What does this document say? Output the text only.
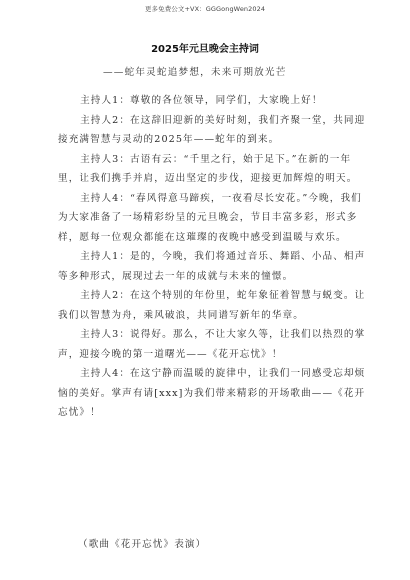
更多免费公文+VX：GGGongWen2024
2025年元旦晚会主持词
——蛇年灵蛇追梦想，未来可期放光芒

主持人1：尊敬的各位领导，同学们，大家晚上好！

主持人2：在这辞旧迎新的美好时刻，我们齐聚一堂，共同迎接充满智慧与灵动的2025年——蛇年的到来。

主持人3：古语有云：“千里之行，始于足下。”在新的一年里，让我们携手并肩，迈出坚定的步伐，迎接更加辉煌的明天。

主持人4：“春风得意马蹄疾，一夜看尽长安花。”今晚，我们为大家准备了一场精彩纷呈的元旦晚会，节目丰富多彩，形式多样，愿每一位观众都能在这璀璨的夜晚中感受到温暖与欢乐。

主持人1：是的，今晚，我们将通过音乐、舞蹈、小品、相声等多种形式，展现过去一年的成就与未来的憧憬。

主持人2：在这个特别的年份里，蛇年象征着智慧与蜕变。让我们以智慧为舟，乘风破浪，共同谱写新年的华章。

主持人3：说得好。那么，不让大家久等，让我们以热烈的掌声，迎接今晚的第一道曙光——《花开忘忧》！

主持人4：在这宁静而温暖的旋律中，让我们一同感受忘却烦恼的美好。掌声有请[xxx]为我们带来精彩的开场歌曲——《花开忘忧》！

（歌曲《花开忘忧》表演）
